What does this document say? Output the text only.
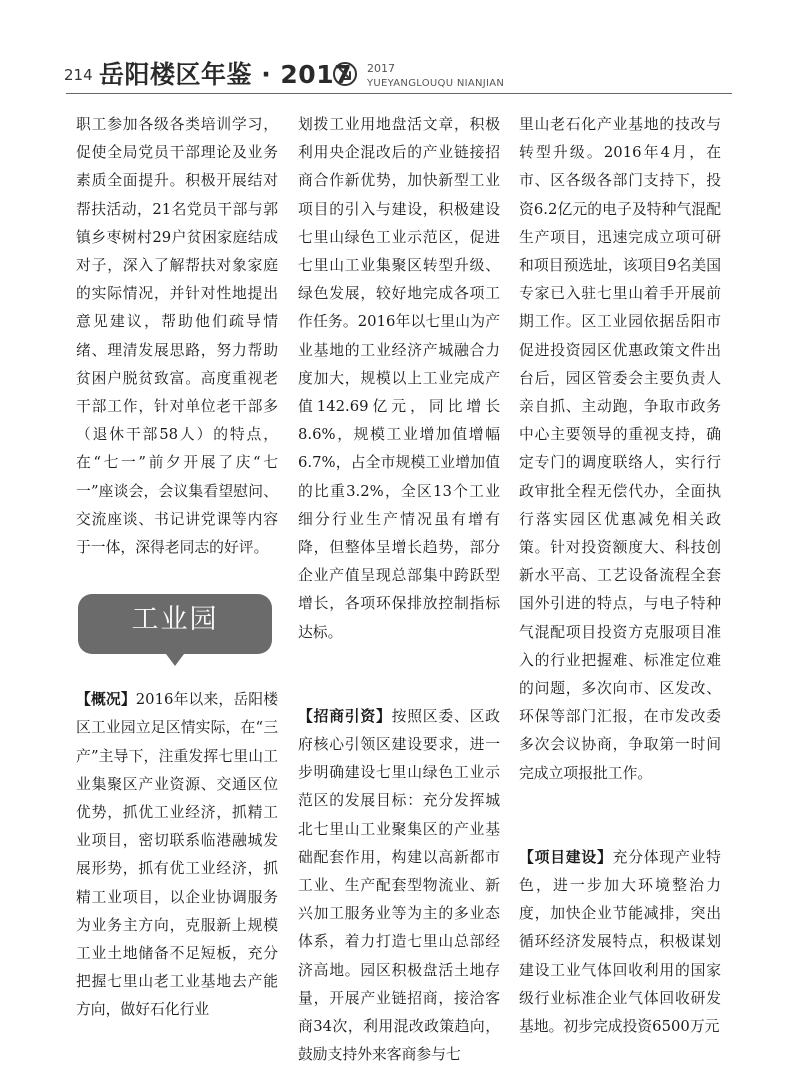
214 岳阳楼区年鉴 · 2017 2017
YUEYANGLOUQU NIANJIAN

职工参加各级各类培训学习，促使全局党员干部理论及业务素质全面提升。积极开展结对帮扶活动，21名党员干部与郭镇乡枣树村29户贫困家庭结成对子，深入了解帮扶对象家庭的实际情况，并针对性地提出意见建议，帮助他们疏导情绪、理清发展思路，努力帮助贫困户脱贫致富。高度重视老干部工作，针对单位老干部多（退休干部58人）的特点，在“七一”前夕开展了庆“七一”座谈会，会议集看望慰问、交流座谈、书记讲党课等内容于一体，深得老同志的好评。

工业园

【概况】2016年以来，岳阳楼区工业园立足区情实际，在“三产”主导下，注重发挥七里山工业集聚区产业资源、交通区位优势，抓优工业经济，抓精工业项目，密切联系临港融城发展形势，抓有优工业经济，抓精工业项目，以企业协调服务为业务主方向，克服新上规模工业土地储备不足短板，充分把握七里山老工业基地去产能方向，做好石化行业

划拨工业用地盘活文章，积极利用央企混改后的产业链接招商合作新优势，加快新型工业项目的引入与建设，积极建设七里山绿色工业示范区，促进七里山工业集聚区转型升级、绿色发展，较好地完成各项工作任务。2016年以七里山为产业基地的工业经济产城融合力度加大，规模以上工业完成产值142.69亿元，同比增长8.6%，规模工业增加值增幅6.7%，占全市规模工业增加值的比重3.2%，全区13个工业细分行业生产情况虽有增有降，但整体呈增长趋势，部分企业产值呈现总部集中跨跃型增长，各项环保排放控制指标达标。

【招商引资】按照区委、区政府核心引领区建设要求，进一步明确建设七里山绿色工业示范区的发展目标：充分发挥城北七里山工业聚集区的产业基础配套作用，构建以高新都市工业、生产配套型物流业、新兴加工服务业等为主的多业态体系，着力打造七里山总部经济高地。园区积极盘活土地存量，开展产业链招商，接洽客商34次，利用混改政策趋向，鼓励支持外来客商参与七

里山老石化产业基地的技改与转型升级。2016年4月，在市、区各级各部门支持下，投资6.2亿元的电子及特种气混配生产项目，迅速完成立项可研和项目预选址，该项目9名美国专家已入驻七里山着手开展前期工作。区工业园依据岳阳市促进投资园区优惠政策文件出台后，园区管委会主要负责人亲自抓、主动跑，争取市政务中心主要领导的重视支持，确定专门的调度联络人，实行行政审批全程无偿代办，全面执行落实园区优惠减免相关政策。针对投资额度大、科技创新水平高、工艺设备流程全套国外引进的特点，与电子特种气混配项目投资方克服项目准入的行业把握难、标准定位难的问题，多次向市、区发改、环保等部门汇报，在市发改委多次会议协商，争取第一时间完成立项报批工作。

【项目建设】充分体现产业特色，进一步加大环境整治力度，加快企业节能减排，突出循环经济发展特点，积极谋划建设工业气体回收利用的国家级行业标准企业气体回收研发基地。初步完成投资6500万元
